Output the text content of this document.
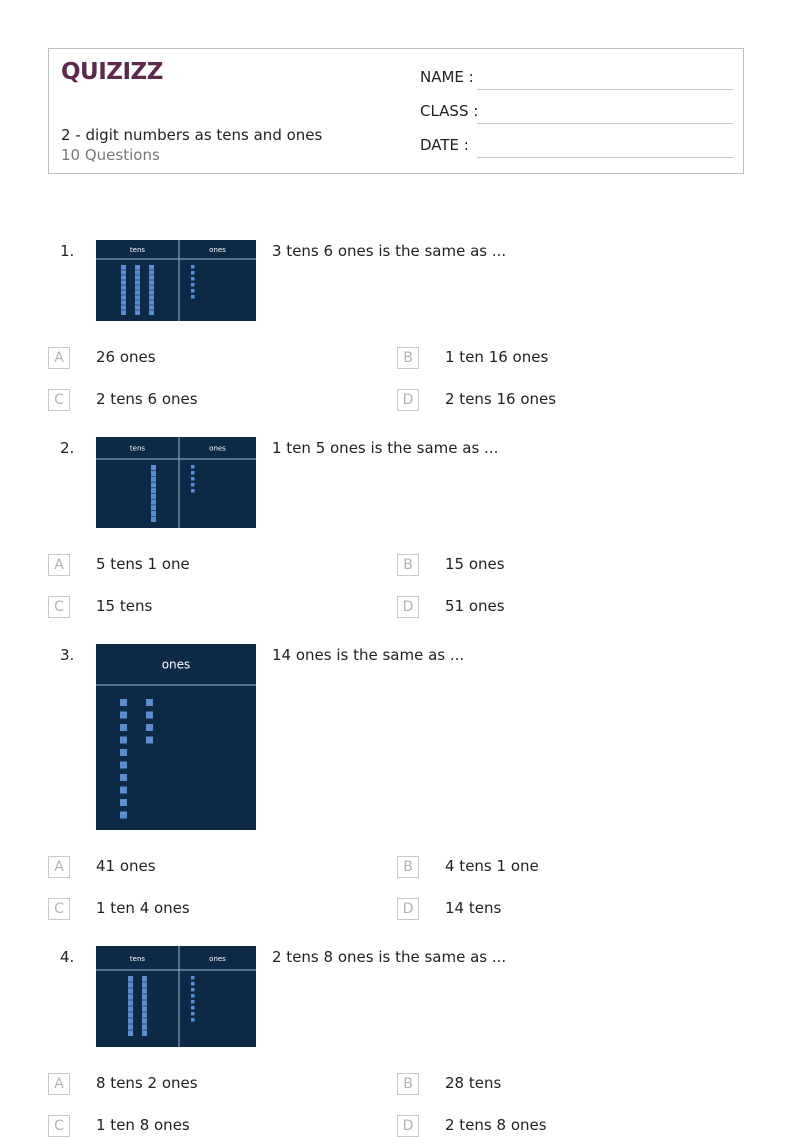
QUIZIZZ
2 - digit numbers as tens and ones
10 Questions
NAME :
CLASS :
DATE :
1.	tens	ones	3 tens 6 ones is the same as ...
A	26 ones	B	1 ten 16 ones
C	2 tens 6 ones	D	2 tens 16 ones
2.	tens	ones	1 ten 5 ones is the same as ...
A	5 tens 1 one	B	15 ones
C	15 tens	D	51 ones
3.
ones
14 ones is the same as ...
A	41 ones	B	4 tens 1 one
C	1 ten 4 ones	D	14 tens
4.	tens	ones	2 tens 8 ones is the same as ...
A	8 tens 2 ones	B	28 tens
C	1 ten 8 ones	D	2 tens 8 ones
